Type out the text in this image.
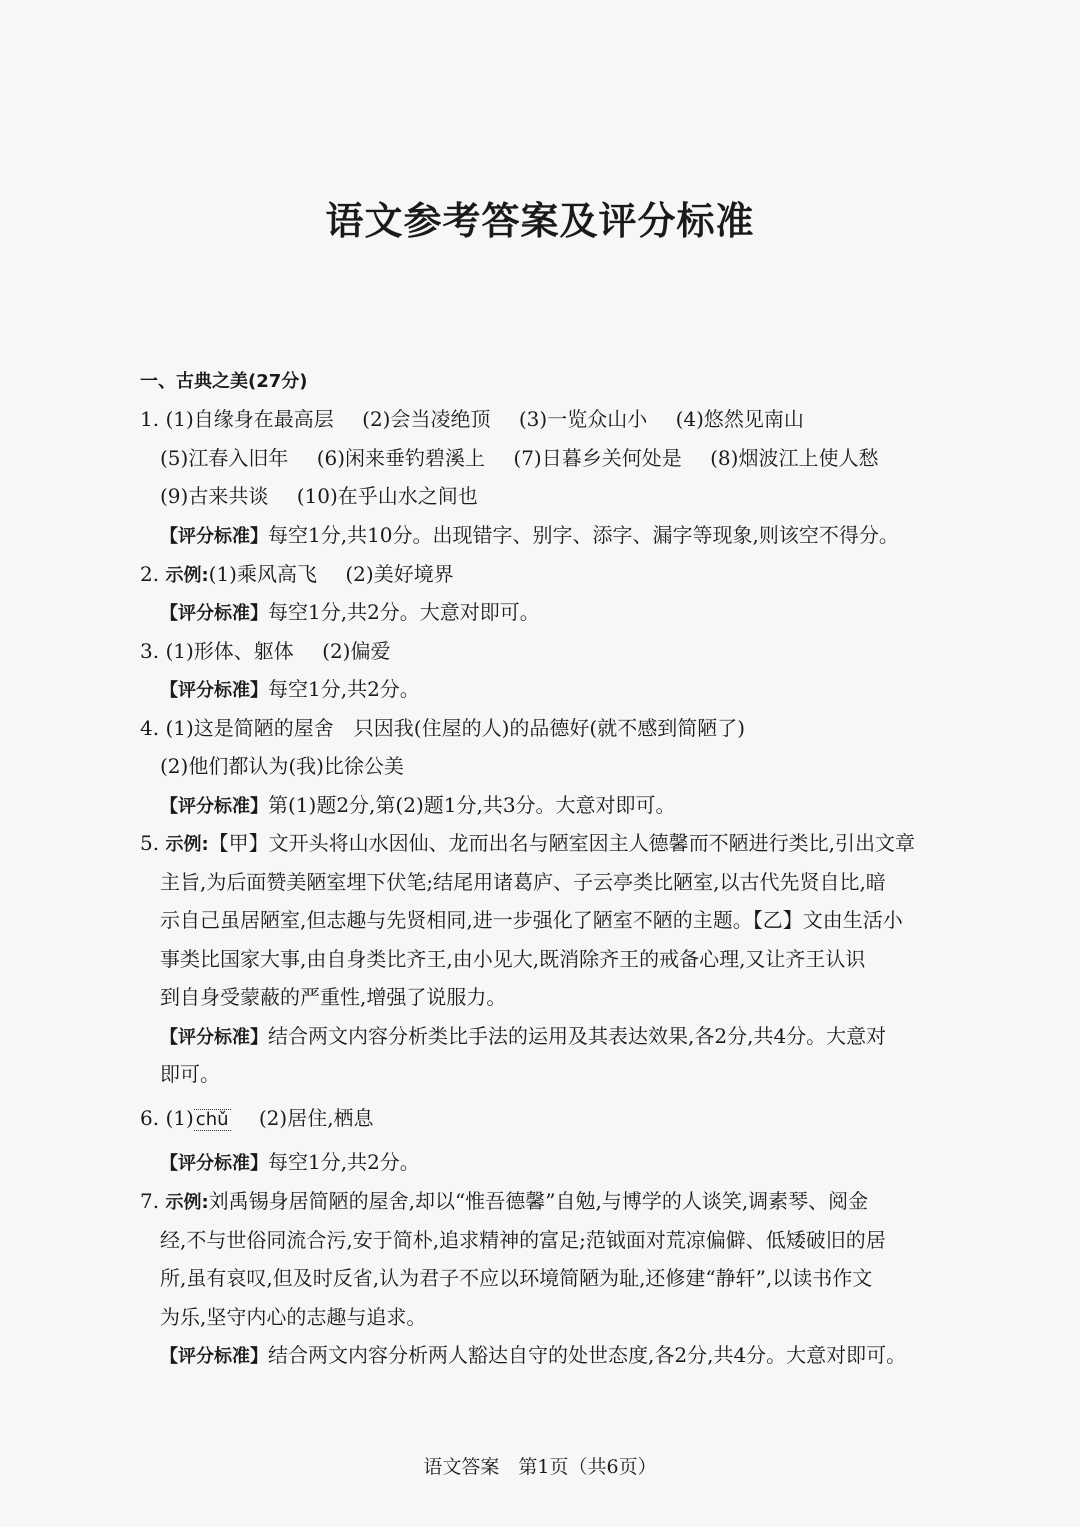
语文参考答案及评分标准
一、古典之美(27分)
1. (1)自缘身在最高层 (2)会当凌绝顶 (3)一览众山小 (4)悠然见南山
(5)江春入旧年 (6)闲来垂钓碧溪上 (7)日暮乡关何处是 (8)烟波江上使人愁
(9)古来共谈 (10)在乎山水之间也
【评分标准】每空1分,共10分。出现错字、别字、添字、漏字等现象,则该空不得分。
2. 示例:(1)乘风高飞 (2)美好境界
【评分标准】每空1分,共2分。大意对即可。
3. (1)形体、躯体 (2)偏爱
【评分标准】每空1分,共2分。
4. (1)这是简陋的屋舍　只因我(住屋的人)的品德好(就不感到简陋了)
(2)他们都认为(我)比徐公美
【评分标准】第(1)题2分,第(2)题1分,共3分。大意对即可。
5. 示例:【甲】文开头将山水因仙、龙而出名与陋室因主人德馨而不陋进行类比,引出文章
主旨,为后面赞美陋室埋下伏笔;结尾用诸葛庐、子云亭类比陋室,以古代先贤自比,暗
示自己虽居陋室,但志趣与先贤相同,进一步强化了陋室不陋的主题。【乙】文由生活小
事类比国家大事,由自身类比齐王,由小见大,既消除齐王的戒备心理,又让齐王认识
到自身受蒙蔽的严重性,增强了说服力。
【评分标准】结合两文内容分析类比手法的运用及其表达效果,各2分,共4分。大意对
即可。
6. (1) chǔ (2)居住,栖息
【评分标准】每空1分,共2分。
7. 示例:刘禹锡身居简陋的屋舍,却以“惟吾德馨”自勉,与博学的人谈笑,调素琴、阅金
经,不与世俗同流合污,安于简朴,追求精神的富足;范钺面对荒凉偏僻、低矮破旧的居
所,虽有哀叹,但及时反省,认为君子不应以环境简陋为耻,还修建“静轩”,以读书作文
为乐,坚守内心的志趣与追求。
【评分标准】结合两文内容分析两人豁达自守的处世态度,各2分,共4分。大意对即可。
语文答案　第1页（共6页）
